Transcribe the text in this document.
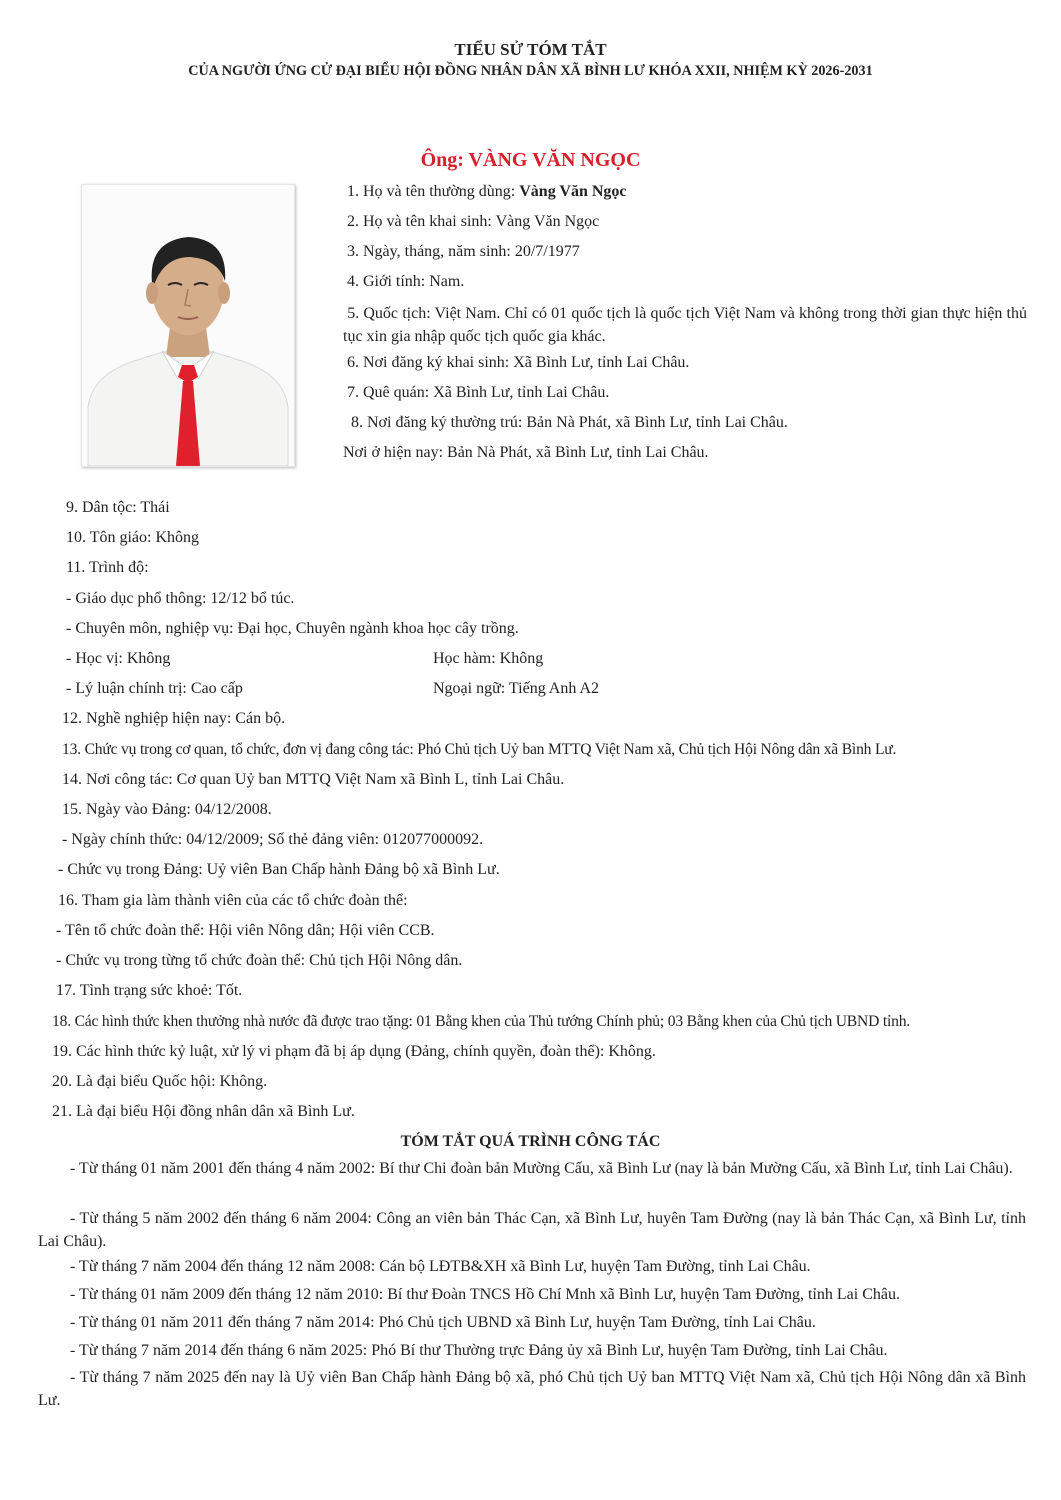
TIỂU SỬ TÓM TẮT
CỦA NGƯỜI ỨNG CỬ ĐẠI BIỂU HỘI ĐỒNG NHÂN DÂN XÃ BÌNH LƯ KHÓA XXII, NHIỆM KỲ 2026-2031
Ông: VÀNG VĂN NGỌC
1. Họ và tên thường dùng: Vàng Văn Ngọc
2. Họ và tên khai sinh: Vàng Văn Ngọc
3. Ngày, tháng, năm sinh: 20/7/1977
4. Giới tính: Nam.
5. Quốc tịch: Việt Nam. Chỉ có 01 quốc tịch là quốc tịch Việt Nam và không trong thời gian thực hiện thủ tục xin gia nhập quốc tịch quốc gia khác.
6. Nơi đăng ký khai sinh: Xã Bình Lư, tỉnh Lai Châu.
7. Quê quán: Xã Bình Lư, tỉnh Lai Châu.
8. Nơi đăng ký thường trú: Bản Nà Phát, xã Bình Lư, tỉnh Lai Châu.
Nơi ở hiện nay: Bản Nà Phát, xã Bình Lư, tỉnh Lai Châu.
9. Dân tộc: Thái
10. Tôn giáo: Không
11. Trình độ:
- Giáo dục phổ thông: 12/12 bổ túc.
- Chuyên môn, nghiệp vụ: Đại học, Chuyên ngành khoa học cây trồng.
- Học vị: Không	Học hàm: Không
- Lý luận chính trị: Cao cấp	Ngoại ngữ: Tiếng Anh A2
12. Nghề nghiệp hiện nay: Cán bộ.
13. Chức vụ trong cơ quan, tổ chức, đơn vị đang công tác: Phó Chủ tịch Uỷ ban MTTQ Việt Nam xã, Chủ tịch Hội Nông dân xã Bình Lư.
14. Nơi công tác: Cơ quan Uỷ ban MTTQ Việt Nam xã Bình L, tỉnh Lai Châu.
15. Ngày vào Đảng: 04/12/2008.
- Ngày chính thức: 04/12/2009; Số thẻ đảng viên: 012077000092.
- Chức vụ trong Đảng: Uỷ viên Ban Chấp hành Đảng bộ xã Bình Lư.
16. Tham gia làm thành viên của các tổ chức đoàn thể:
- Tên tổ chức đoàn thể: Hội viên Nông dân; Hội viên CCB.
- Chức vụ trong từng tổ chức đoàn thể: Chủ tịch Hội Nông dân.
17. Tình trạng sức khoẻ: Tốt.
18. Các hình thức khen thưởng nhà nước đã được trao tặng: 01 Bằng khen của Thủ tướng Chính phủ; 03 Bằng khen của Chủ tịch UBND tỉnh.
19. Các hình thức kỷ luật, xử lý vi phạm đã bị áp dụng (Đảng, chính quyền, đoàn thể): Không.
20. Là đại biểu Quốc hội: Không.
21. Là đại biểu Hội đồng nhân dân xã Bình Lư.
TÓM TẮT QUÁ TRÌNH CÔNG TÁC
- Từ tháng 01 năm 2001 đến tháng 4 năm 2002: Bí thư Chi đoàn bản Mường Cấu, xã Bình Lư (nay là bản Mường Cấu, xã Bình Lư, tỉnh Lai Châu).
- Từ tháng 5 năm 2002 đến tháng 6 năm 2004: Công an viên bản Thác Cạn, xã Bình Lư, huyên Tam Đường (nay là bản Thác Cạn, xã Bình Lư, tỉnh Lai Châu).
- Từ tháng 7 năm 2004 đến tháng 12 năm 2008: Cán bộ LĐTB&XH xã Bình Lư, huyện Tam Đường, tỉnh Lai Châu.
- Từ tháng 01 năm 2009 đến tháng 12 năm 2010: Bí thư Đoàn TNCS Hồ Chí Mnh xã Bình Lư, huyện Tam Đường, tỉnh Lai Châu.
- Từ tháng 01 năm 2011 đến tháng 7 năm 2014: Phó Chủ tịch UBND xã Bình Lư, huyện Tam Đường, tỉnh Lai Châu.
- Từ tháng 7 năm 2014 đến tháng 6 năm 2025: Phó Bí thư Thường trực Đảng ủy xã Bình Lư, huyện Tam Đường, tỉnh Lai Châu.
- Từ tháng 7 năm 2025 đến nay là Uỷ viên Ban Chấp hành Đảng bộ xã, phó Chủ tịch Uỷ ban MTTQ Việt Nam xã, Chủ tịch Hội Nông dân xã Bình Lư.
